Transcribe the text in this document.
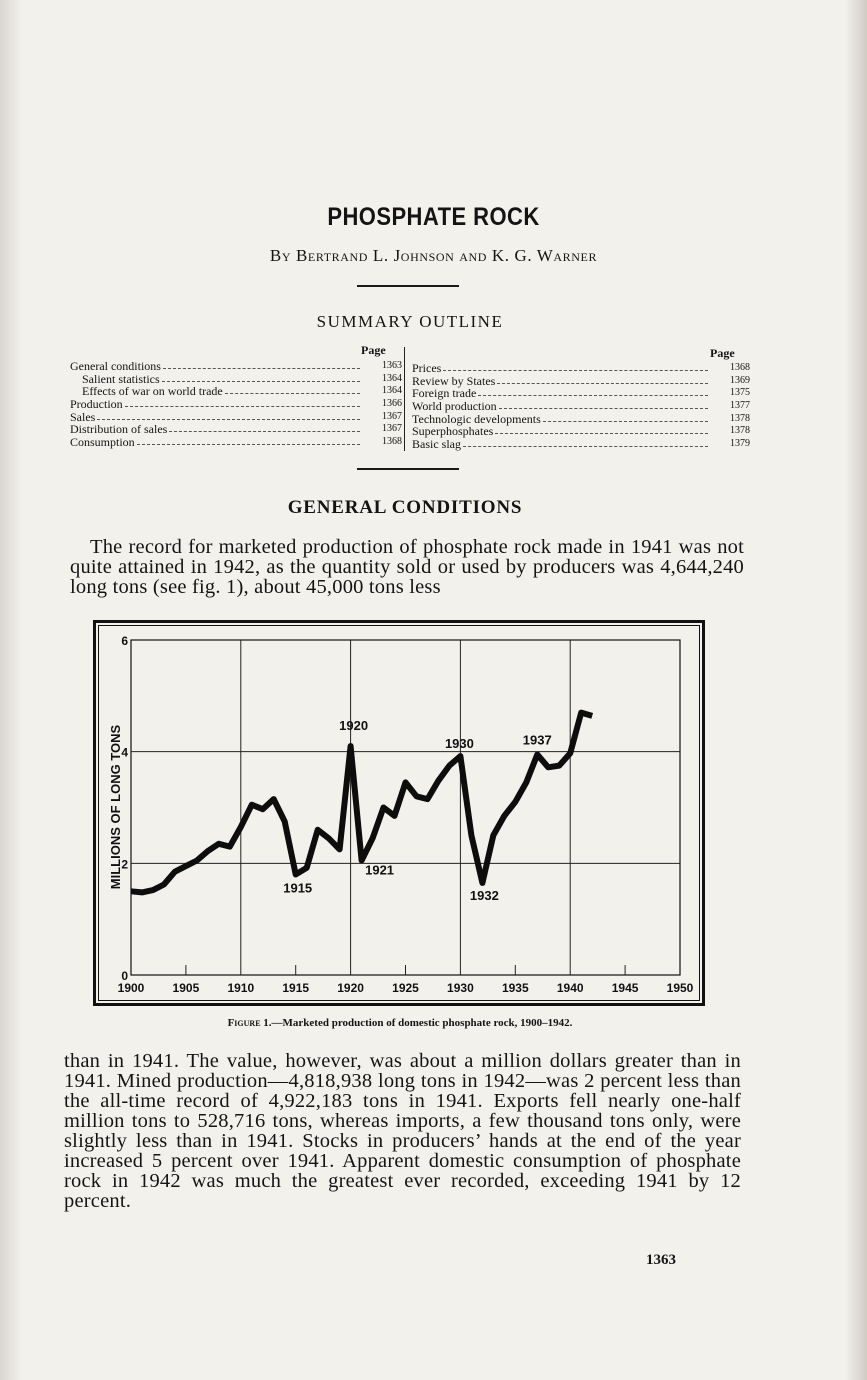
PHOSPHATE ROCK
By Bertrand L. Johnson and K. G. Warner
SUMMARY OUTLINE
Page	Page
General conditions	1363
Salient statistics	1364
Effects of war on world trade	1364
Production	1366
Sales	1367
Distribution of sales	1367
Consumption	1368
Prices	1368
Review by States	1369
Foreign trade	1375
World production	1377
Technologic developments	1378
Superphosphates	1378
Basic slag	1379
GENERAL CONDITIONS
The record for marketed production of phosphate rock made in 1941 was not quite attained in 1942, as the quantity sold or used by producers was 4,644,240 long tons (see fig. 1), about 45,000 tons less
1900 1905 1910 1915 1920 1925 1930 1935 1940 1945 1950
0
2
4
6
MILLIONS OF LONG TONS	1920
1930	1937
1915
1921
1932
Figure 1.—Marketed production of domestic phosphate rock, 1900–1942.
than in 1941. The value, however, was about a million dollars greater than in 1941. Mined production—4,818,938 long tons in 1942—was 2 percent less than the all-time record of 4,922,183 tons in 1941. Exports fell nearly one-half million tons to 528,716 tons, whereas imports, a few thousand tons only, were slightly less than in 1941. Stocks in producers’ hands at the end of the year increased 5 percent over 1941. Apparent domestic consumption of phosphate rock in 1942 was much the greatest ever recorded, exceeding 1941 by 12 percent.
1363
